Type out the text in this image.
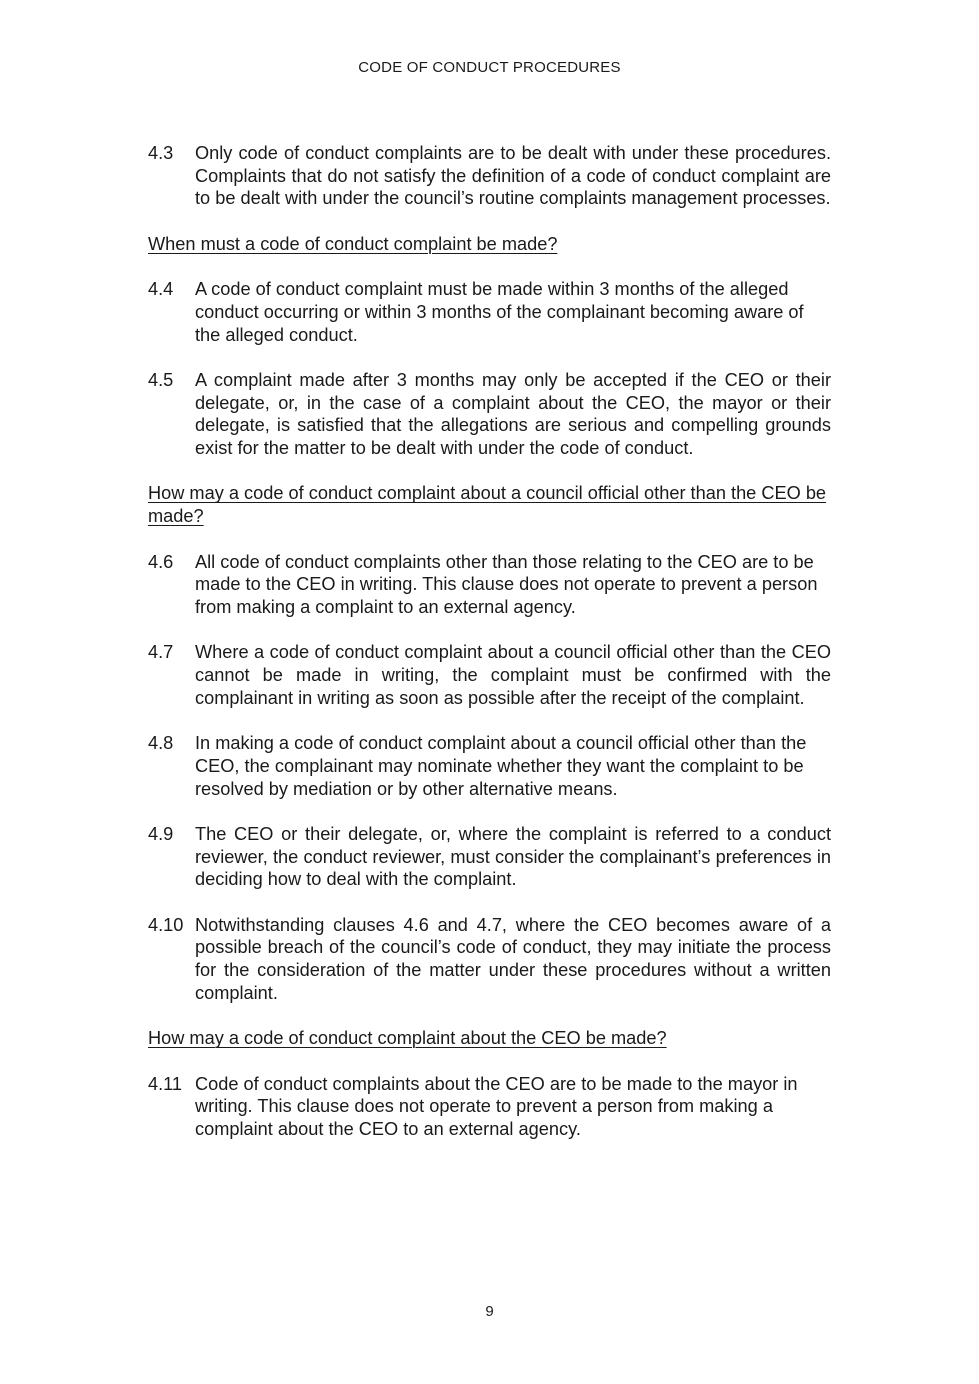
CODE OF CONDUCT PROCEDURES
4.3	Only code of conduct complaints are to be dealt with under these procedures. Complaints that do not satisfy the definition of a code of conduct complaint are to be dealt with under the council’s routine complaints management processes.
When must a code of conduct complaint be made?
4.4	A code of conduct complaint must be made within 3 months of the alleged conduct occurring or within 3 months of the complainant becoming aware of the alleged conduct.
4.5	A complaint made after 3 months may only be accepted if the CEO or their delegate, or, in the case of a complaint about the CEO, the mayor or their delegate, is satisfied that the allegations are serious and compelling grounds exist for the matter to be dealt with under the code of conduct.
How may a code of conduct complaint about a council official other than the CEO be made?
4.6	All code of conduct complaints other than those relating to the CEO are to be made to the CEO in writing. This clause does not operate to prevent a person from making a complaint to an external agency.
4.7	Where a code of conduct complaint about a council official other than the CEO cannot be made in writing, the complaint must be confirmed with the complainant in writing as soon as possible after the receipt of the complaint.
4.8	In making a code of conduct complaint about a council official other than the CEO, the complainant may nominate whether they want the complaint to be resolved by mediation or by other alternative means.
4.9	The CEO or their delegate, or, where the complaint is referred to a conduct reviewer, the conduct reviewer, must consider the complainant’s preferences in deciding how to deal with the complaint.
4.10 Notwithstanding clauses 4.6 and 4.7, where the CEO becomes aware of a possible breach of the council’s code of conduct, they may initiate the process for the consideration of the matter under these procedures without a written complaint.
How may a code of conduct complaint about the CEO be made?
4.11 Code of conduct complaints about the CEO are to be made to the mayor in writing. This clause does not operate to prevent a person from making a complaint about the CEO to an external agency.
9
